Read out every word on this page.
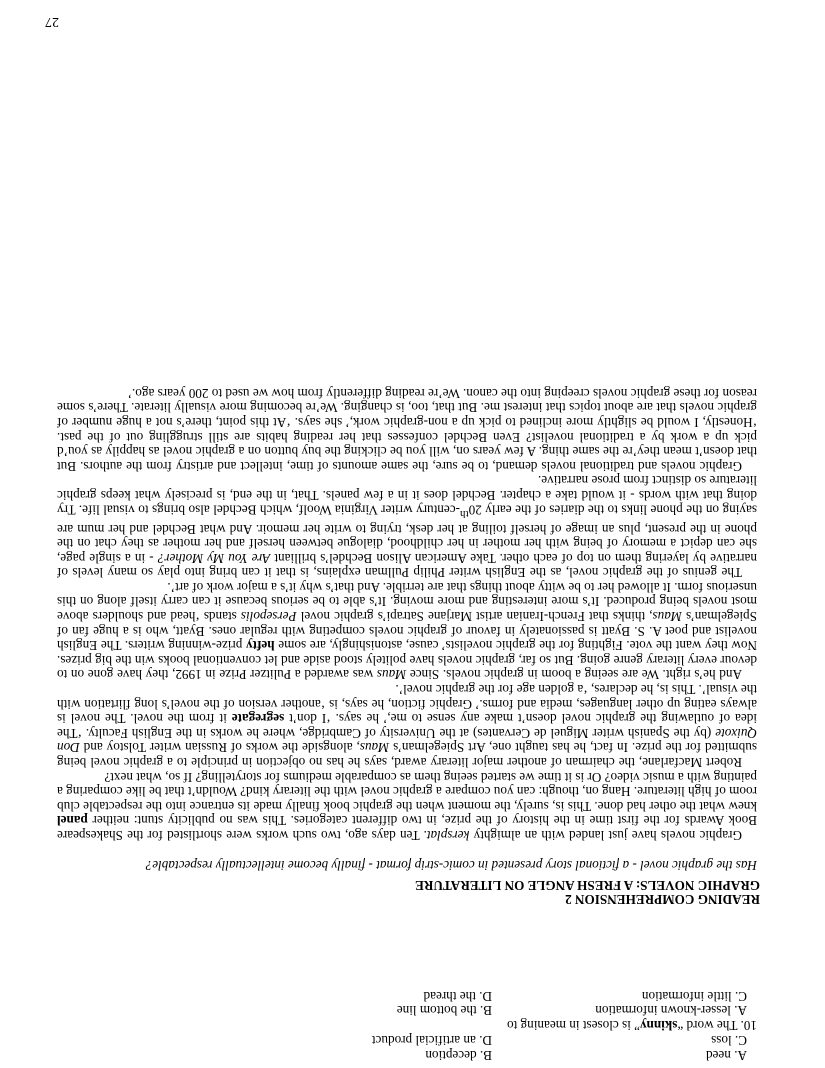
A. need
B. deception
C. loss
D. an artificial product
10. The word “skinny” is closest in meaning to
A. lesser-known information
B. the bottom line
C. little information
D. the thread
READING COMPREHENSION 2
GRAPHIC NOVELS: A FRESH ANGLE ON LITERATURE
Has the graphic novel - a fictional story presented in comic-strip format - finally become intellectually respectable?

Graphic novels have just landed with an almighty kersplat. Ten days ago, two such works were shortlisted for the Shakespeare Book Awards for the first time in the history of the prize, in two different categories. This was no publicity stunt: neither panel knew what the other had done. This is, surely, the moment when the graphic book finally made its entrance into the respectable club room of high literature. Hang on, though: can you compare a graphic novel with the literary kind? Wouldn’t that be like comparing a painting with a music video? Or is it time we started seeing them as comparable mediums for storytelling? If so, what next?

Robert Macfarlane, the chairman of another major literary award, says he has no objection in principle to a graphic novel being submitted for the prize. In fact, he has taught one, Art Spiegelman’s Maus, alongside the works of Russian writer Tolstoy and Don Quixote (by the Spanish writer Miguel de Cervantes) at the University of Cambridge, where he works in the English Faculty. ‘The idea of outlawing the graphic novel doesn’t make any sense to me,’ he says. ‘I don’t segregate it from the novel. The novel is always eating up other languages, media and forms.’ Graphic fiction, he says, is ‘another version of the novel’s long flirtation with the visual’. This is, he declares, ‘a golden age for the graphic novel’.

And he’s right. We are seeing a boom in graphic novels. Since Maus was awarded a Pulitzer Prize in 1992, they have gone on to devour every literary genre going. But so far, graphic novels have politely stood aside and let conventional books win the big prizes. Now they want the vote. Fighting for the graphic novelists’ cause, astonishingly, are some hefty prize-winning writers. The English novelist and poet A. S. Byatt is passionately in favour of graphic novels competing with regular ones. Byatt, who is a huge fan of Spiegelman’s Maus, thinks that French-Iranian artist Marjane Satrapi’s graphic novel Persepolis stands ‘head and shoulders above most novels being produced. It’s more interesting and more moving. It’s able to be serious because it can carry itself along on this unserious form. It allowed her to be witty about things that are terrible. And that’s why it’s a major work of art’.

The genius of the graphic novel, as the English writer Philip Pullman explains, is that it can bring into play so many levels of narrative by layering them on top of each other. Take American Alison Bechdel’s brilliant Are You My Mother? - in a single page, she can depict a memory of being with her mother in her childhood, dialogue between herself and her mother as they chat on the phone in the present, plus an image of herself toiling at her desk, trying to write her memoir. And what Bechdel and her mum are saying on the phone links to the diaries of the early 20th-century writer Virginia Woolf, which Bechdel also brings to visual life. Try doing that with words - it would take a chapter. Bechdel does it in a few panels. That, in the end, is precisely what keeps graphic literature so distinct from prose narrative.

Graphic novels and traditional novels demand, to be sure, the same amounts of time, intellect and artistry from the authors. But that doesn’t mean they’re the same thing. A few years on, will you be clicking the buy button on a graphic novel as happily as you’d pick up a work by a traditional novelist? Even Bechdel confesses that her reading habits are still struggling out of the past. ‘Honestly, I would be slightly more inclined to pick up a non-graphic work,’ she says. ‘At this point, there’s not a huge number of graphic novels that are about topics that interest me. But that, too, is changing. We’re becoming more visually literate. There’s some reason for these graphic novels creeping into the canon. We’re reading differently from how we used to 200 years ago.’

27
